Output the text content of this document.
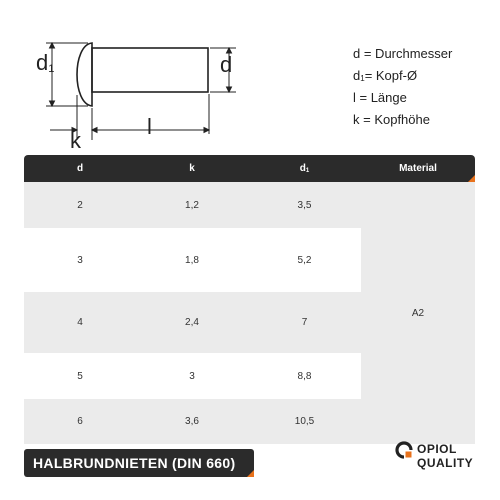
$d_1$	d
k
l
d = Durchmesser
$d_1=$ Kopf-Ø
l = Länge
k = Kopfhöhe
d	k	$d_1$	Material
2	1,2	3,5	A2
3	1,8	5,2	
4	2,4	7	
5	3	8,8	
6	3,6	10,5	
HALBRUNDNIETEN (DIN 660)
OPIOL
QUALITY
